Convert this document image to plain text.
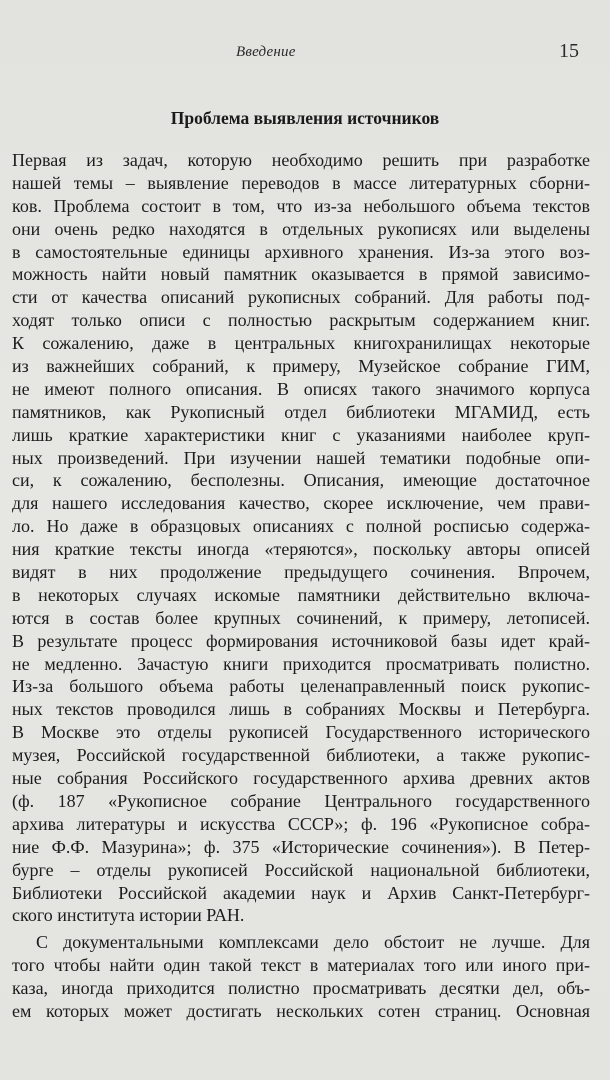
Введение	15
Проблема выявления источников
Первая из задач, которую необходимо решить при разработке
нашей темы – выявление переводов в массе литературных сборни-
ков. Проблема состоит в том, что из-за небольшого объема текстов
они очень редко находятся в отдельных рукописях или выделены
в самостоятельные единицы архивного хранения. Из-за этого воз-
можность найти новый памятник оказывается в прямой зависимо-
сти от качества описаний рукописных собраний. Для работы под-
ходят только описи с полностью раскрытым содержанием книг.
К сожалению, даже в центральных книгохранилищах некоторые
из важнейших собраний, к примеру, Музейское собрание ГИМ,
не имеют полного описания. В описях такого значимого корпуса
памятников, как Рукописный отдел библиотеки МГАМИД, есть
лишь краткие характеристики книг с указаниями наиболее круп-
ных произведений. При изучении нашей тематики подобные опи-
си, к сожалению, бесполезны. Описания, имеющие достаточное
для нашего исследования качество, скорее исключение, чем прави-
ло. Но даже в образцовых описаниях с полной росписью содержа-
ния краткие тексты иногда «теряются», поскольку авторы описей
видят в них продолжение предыдущего сочинения. Впрочем,
в некоторых случаях искомые памятники действительно включа-
ются в состав более крупных сочинений, к примеру, летописей.
В результате процесс формирования источниковой базы идет край-
не медленно. Зачастую книги приходится просматривать полистно.
Из-за большого объема работы целенаправленный поиск рукопис-
ных текстов проводился лишь в собраниях Москвы и Петербурга.
В Москве это отделы рукописей Государственного исторического
музея, Российской государственной библиотеки, а также рукопис-
ные собрания Российского государственного архива древних актов
(ф. 187 «Рукописное собрание Центрального государственного
архива литературы и искусства СССР»; ф. 196 «Рукописное собра-
ние Ф.Ф. Мазурина»; ф. 375 «Исторические сочинения»). В Петер-
бурге – отделы рукописей Российской национальной библиотеки,
Библиотеки Российской академии наук и Архив Санкт-Петербург-
ского института истории РАН.
С документальными комплексами дело обстоит не лучше. Для
того чтобы найти один такой текст в материалах того или иного при-
каза, иногда приходится полистно просматривать десятки дел, объ-
ем которых может достигать нескольких сотен страниц. Основная
